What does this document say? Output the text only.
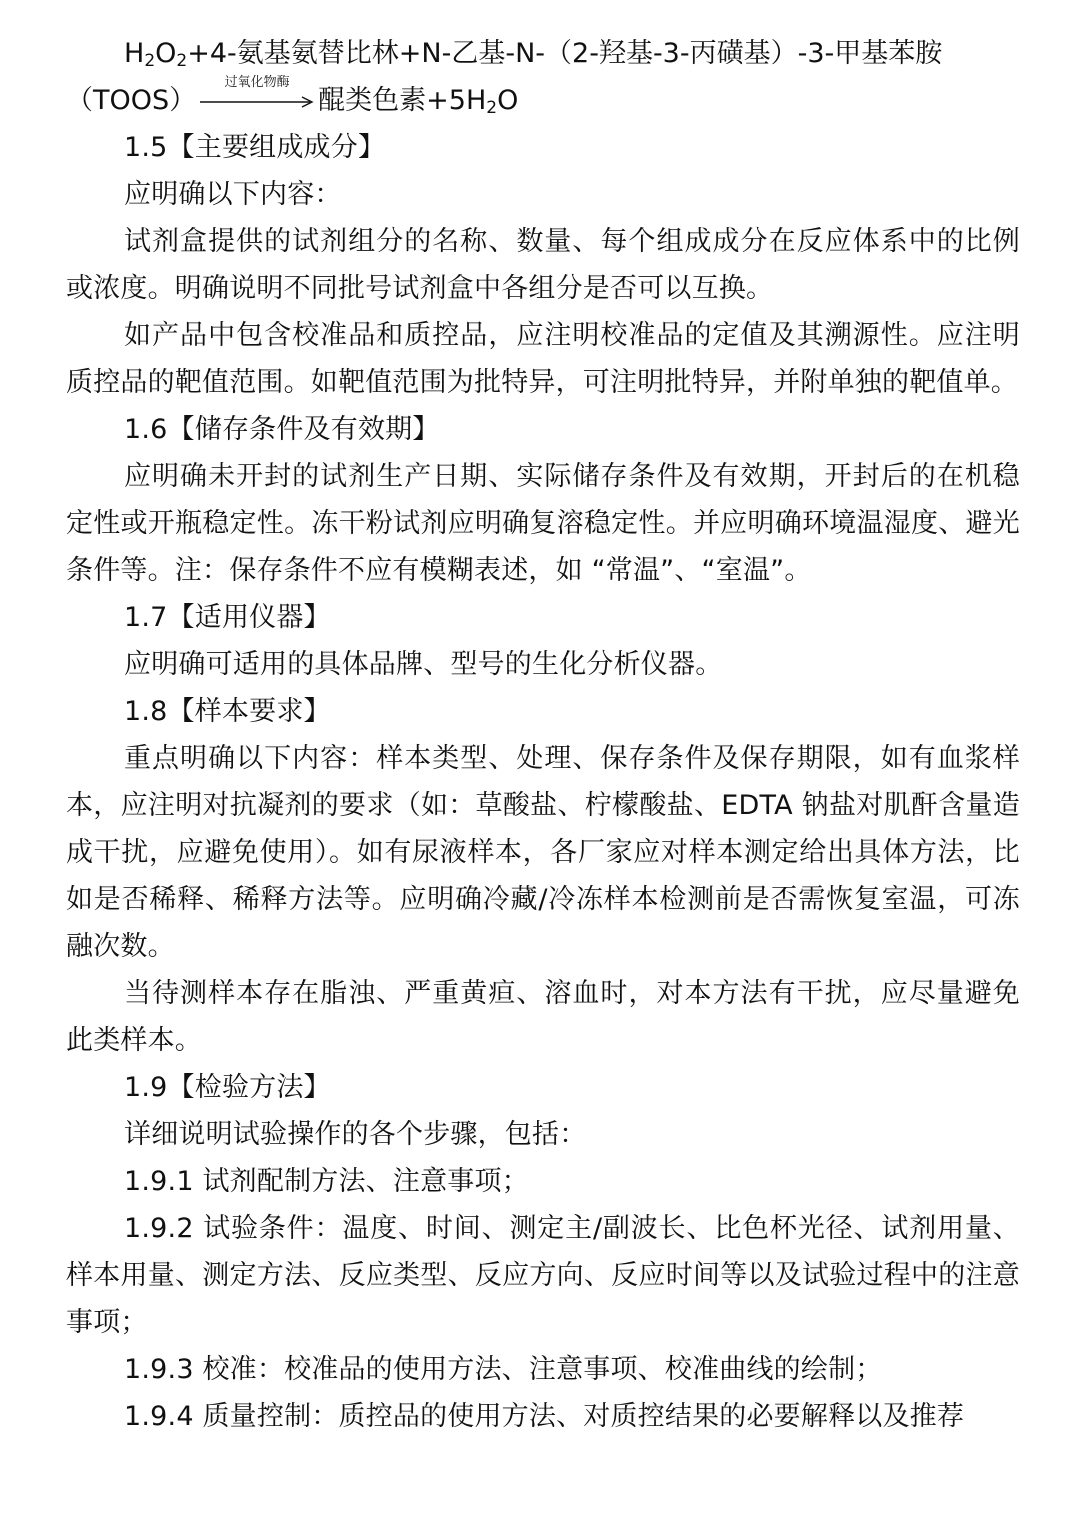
$H_2O_2+4-$氨基氨替比林+N-乙基-N-（2-羟基-3-丙磺基）-3-甲基苯胺

（TOOS）
过氧化物酶
醌类色素$+5H_2O$

1.5【主要组成成分】

应明确以下内容：

试剂盒提供的试剂组分的名称、数量、每个组成成分在反应体系中的比例或浓度。明确说明不同批号试剂盒中各组分是否可以互换。

如产品中包含校准品和质控品，应注明校准品的定值及其溯源性。应注明质控品的靶值范围。如靶值范围为批特异，可注明批特异，并附单独的靶值单。

1.6【储存条件及有效期】

应明确未开封的试剂生产日期、实际储存条件及有效期，开封后的在机稳定性或开瓶稳定性。冻干粉试剂应明确复溶稳定性。并应明确环境温湿度、避光条件等。注：保存条件不应有模糊表述，如 “常温”、“室温”。

1.7【适用仪器】

应明确可适用的具体品牌、型号的生化分析仪器。

1.8【样本要求】

重点明确以下内容：样本类型、处理、保存条件及保存期限，如有血浆样本，应注明对抗凝剂的要求（如：草酸盐、柠檬酸盐、EDTA 钠盐对肌酐含量造成干扰，应避免使用）。如有尿液样本，各厂家应对样本测定给出具体方法，比如是否稀释、稀释方法等。应明确冷藏/冷冻样本检测前是否需恢复室温，可冻融次数。

当待测样本存在脂浊、严重黄疸、溶血时，对本方法有干扰，应尽量避免此类样本。

1.9【检验方法】

详细说明试验操作的各个步骤，包括：

1.9.1 试剂配制方法、注意事项；

1.9.2 试验条件：温度、时间、测定主/副波长、比色杯光径、试剂用量、样本用量、测定方法、反应类型、反应方向、反应时间等以及试验过程中的注意事项；

1.9.3 校准：校准品的使用方法、注意事项、校准曲线的绘制；

1.9.4 质量控制：质控品的使用方法、对质控结果的必要解释以及推荐
